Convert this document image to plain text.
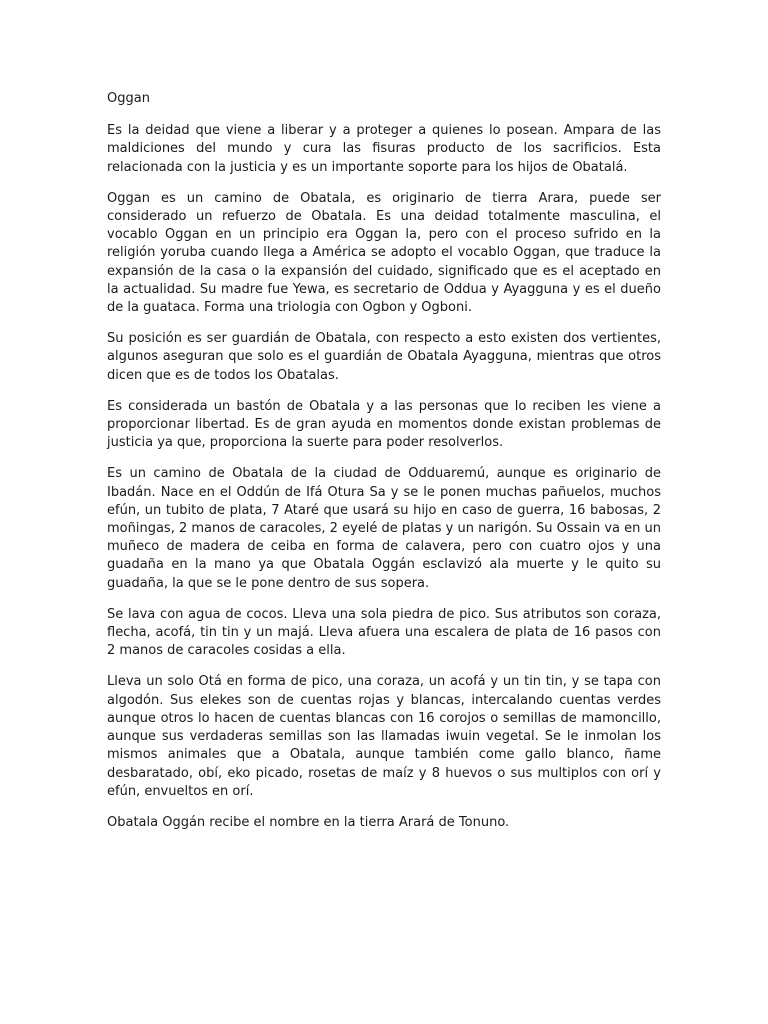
Oggan

Es la deidad que viene a liberar y a proteger a quienes lo posean. Ampara de las maldiciones del mundo y cura las fisuras producto de los sacrificios. Esta relacionada con la justicia y es un importante soporte para los hijos de Obatalá.

Oggan es un camino de Obatala, es originario de tierra Arara, puede ser considerado un refuerzo de Obatala. Es una deidad totalmente masculina, el vocablo Oggan en un principio era Oggan la, pero con el proceso sufrido en la religión yoruba cuando llega a América se adopto el vocablo Oggan, que traduce la expansión de la casa o la expansión del cuidado, significado que es el aceptado en la actualidad. Su madre fue Yewa, es secretario de Oddua y Ayagguna y es el dueño de la guataca. Forma una triologia con Ogbon y Ogboni.

Su posición es ser guardián de Obatala, con respecto a esto existen dos vertientes, algunos aseguran que solo es el guardián de Obatala Ayagguna, mientras que otros dicen que es de todos los Obatalas.

Es considerada un bastón de Obatala y a las personas que lo reciben les viene a proporcionar libertad. Es de gran ayuda en momentos donde existan problemas de justicia ya que, proporciona la suerte para poder resolverlos.

Es un camino de Obatala de la ciudad de Odduaremú, aunque es originario de Ibadán. Nace en el Oddún de Ifá Otura Sa y se le ponen muchas pañuelos, muchos efún, un tubito de plata, 7 Ataré que usará su hijo en caso de guerra, 16 babosas, 2 moñingas, 2 manos de caracoles, 2 eyelé de platas y un narigón. Su Ossain va en un muñeco de madera de ceiba en forma de calavera, pero con cuatro ojos y una guadaña en la mano ya que Obatala Oggán esclavizó ala muerte y le quito su guadaña, la que se le pone dentro de sus sopera.

Se lava con agua de cocos. Lleva una sola piedra de pico. Sus atributos son coraza, flecha, acofá, tin tin y un majá. Lleva afuera una escalera de plata de 16 pasos con 2 manos de caracoles cosidas a ella.

Lleva un solo Otá en forma de pico, una coraza, un acofá y un tin tin, y se tapa con algodón. Sus elekes son de cuentas rojas y blancas, intercalando cuentas verdes aunque otros lo hacen de cuentas blancas con 16 corojos o semillas de mamoncillo, aunque sus verdaderas semillas son las llamadas iwuin vegetal. Se le inmolan los mismos animales que a Obatala, aunque también come gallo blanco, ñame desbaratado, obí, eko picado, rosetas de maíz y 8 huevos o sus multiplos con orí y efún, envueltos en orí.

Obatala Oggán recibe el nombre en la tierra Arará de Tonuno.
